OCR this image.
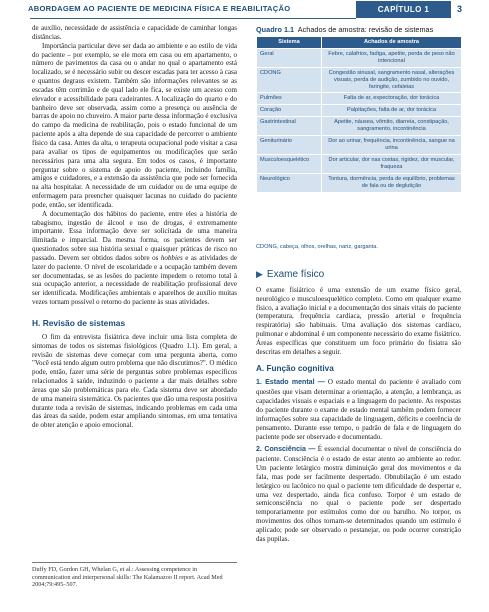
ABORDAGEM AO PACIENTE DE MEDICINA FÍSICA E REABILITAÇÃO	CAPÍTULO 1	3

de auxílio, necessidade de assistência e capacidade de caminhar longas distâncias.

Importância particular deve ser dada ao ambiente e ao estilo de vida do paciente – por exemplo, se ele mora em casa ou em apartamento, o número de pavimentos da casa ou o andar no qual o apartamento está localizado, se é necessário subir ou descer escadas para ter acesso à casa e quantos degraus existem. Também são informações relevantes se as escadas têm corrimão e de qual lado ele fica, se existe um acesso com elevador e acessibilidade para cadeirantes. A localização do quarto e do banheiro deve ser observada, assim como a presença ou ausência de barras de apoio no chuveiro. A maior parte dessa informação é exclusiva do campo da medicina de reabilitação, pois o estado funcional de um paciente após a alta depende de sua capacidade de percorrer o ambiente físico da casa. Antes da alta, o terapeuta ocupacional pode visitar a casa para avaliar os tipos de equipamentos ou modificações que serão necessários para uma alta segura. Em todos os casos, é importante perguntar sobre o sistema de apoio do paciente, incluindo família, amigos e cuidadores, e a extensão da assistência que pode ser fornecida na alta hospitalar. A necessidade de um cuidador ou de uma equipe de enfermagem para preencher quaisquer lacunas no cuidado do paciente pode, então, ser identificada.

A documentação dos hábitos do paciente, entre eles a história de tabagismo, ingestão de álcool e uso de drogas, é extremamente importante. Essa informação deve ser solicitada de uma maneira ilimitada e imparcial. Da mesma forma, os pacientes devem ser questionados sobre sua história sexual e quaisquer práticas de risco no passado. Devem ser obtidos dados sobre os hobbies e as atividades de lazer do paciente. O nível de escolaridade e a ocupação também devem ser documentadas, se as lesões do paciente impedem o retorno total à sua ocupação anterior, a necessidade de reabilitação profissional deve ser identificada. Modificações ambientais e aparelhos de auxílio muitas vezes tornam possível o retorno do paciente às suas atividades.

H. Revisão de sistemas

O fim da entrevista fisiátrica deve incluir uma lista completa de sintomas de todos os sistemas fisiológicos (Quadro 1.1). Em geral, a revisão de sistemas deve começar com uma pergunta aberta, como "Você está tendo algum outro problema que não discutimos?". O médico pode, então, fazer uma série de perguntas sobre problemas específicos relacionados à saúde, induzindo o paciente a dar mais detalhes sobre áreas que são problemáticas para ele. Cada sistema deve ser abordado de uma maneira sistemática. Os pacientes que dão uma resposta positiva durante toda a revisão de sistemas, indicando problemas em cada uma das áreas da saúde, podem estar ampliando sintomas, em uma tentativa de obter atenção e apoio emocional.

Duffy FD, Gordon GH, Whelan G, et al.: Assessing competence in communication and interpersonal skills: The Kalamazoo II report. Acad Med 2004;79:495–507.
Quadro 1.1 Achados de amostra: revisão de sistemas
Sistema	Achados de amostra
Geral	Febre, calafrios, fadiga, apetite, perda de peso não intencional
CDONG	Congestão sinusal, sangramento nasal, alterações visuais, perda de audição, zumbido no ouvido, faringite, cefaleias
Pulmões	Falta de ar, expectoração, dor torácica
Coração	Palpitações, falta de ar, dor torácica
Gastrintestinal	Apetite, náusea, vômito, diarreia, constipação, sangramento, incontinência
Geniturinário	Dor ao urinar, frequência, incontinência, sangue na urina
Musculoesquelético	Dor articular, dor nas costas, rigidez, dor muscular, fraqueza
Neurológico	Tontura, dormência, perda de equilíbrio, problemas de fala ou de deglutição
CDONG, cabeça, olhos, orelhas, nariz, garganta.
▶ Exame físico

O exame fisiátrico é uma extensão de um exame físico geral, neurológico e musculoesquelético completo. Como em qualquer exame físico, a avaliação inicial e a documentação dos sinais vitais do paciente (temperatura, frequência cardíaca, pressão arterial e frequência respiratória) são habituais. Uma avaliação dos sistemas cardíaco, pulmonar e abdominal é um componente necessário do exame fisiátrico. Áreas específicas que constituem um foco primário do fisiatra são descritas em detalhes a seguir.

A. Função cognitiva

1. Estado mental — O estado mental do paciente é avaliado com questões que visam determinar a orientação, a atenção, a lembrança, as capacidades visuais e espaciais e a linguagem do paciente. As respostas do paciente durante o exame de estado mental também podem fornecer informações sobre sua capacidade de linguagem, déficits e coerência de pensamento. Durante esse tempo, o padrão de fala e de linguagem do paciente pode ser observado e documentado.

2. Consciência — É essencial documentar o nível de consciência do paciente. Consciência é o estado de estar atento ao ambiente ao redor. Um paciente letárgico mostra diminuição geral dos movimentos e da fala, mas pode ser facilmente despertado. Obnubilação é um estado letárgico ou lacônico no qual o paciente tem dificuldade de despertar e, uma vez despertado, ainda fica confuso. Torpor é um estado de semiconsciência no qual o paciente pode ser despertado temporariamente por estímulos como dor ou barulho. No torpor, os movimentos dos olhos tornam-se determinados quando um estímulo é aplicado; pode ser observado o pestanejar, ou pode ocorrer constrição das pupilas.
